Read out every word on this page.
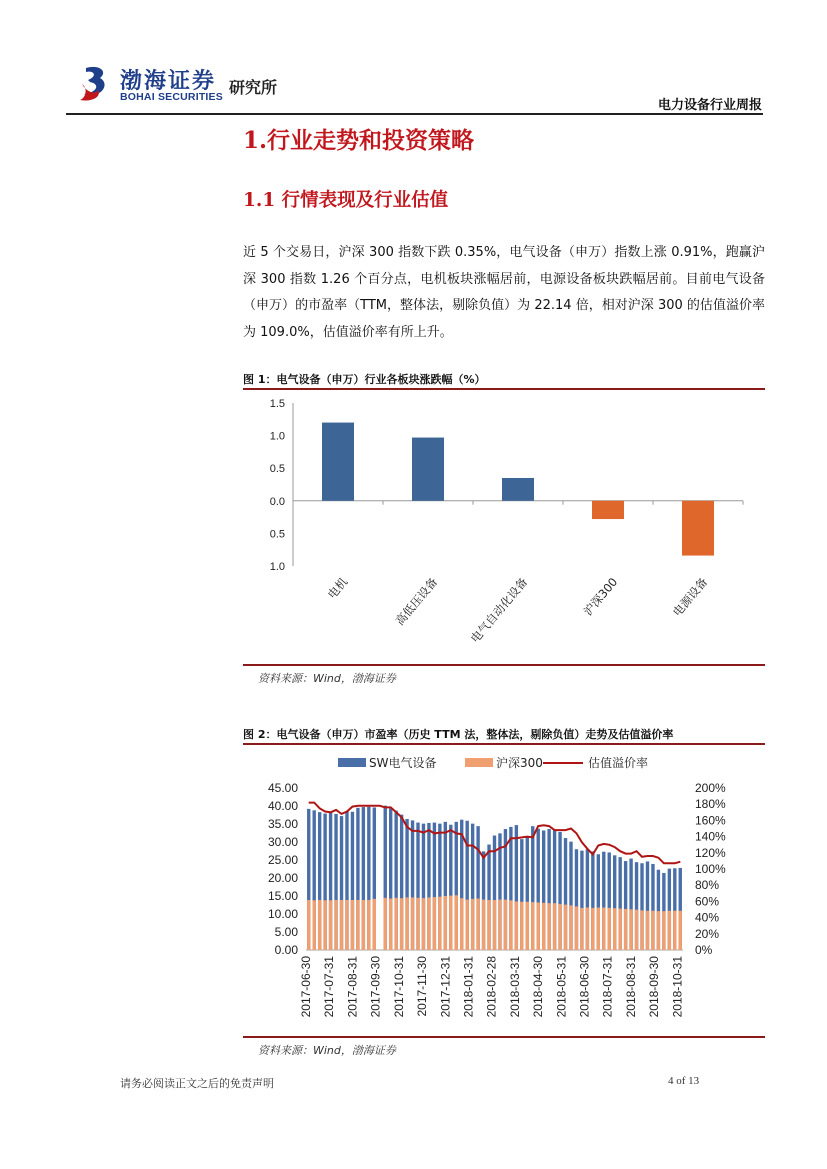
渤海证券
BOHAI SECURITIES 研究所
电力设备行业周报
1.行业走势和投资策略
1.1 行情表现及行业估值
近 5 个交易日，沪深 300 指数下跌 0.35%，电气设备（申万）指数上涨 0.91%，跑赢沪深 300 指数 1.26 个百分点，电机板块涨幅居前，电源设备板块跌幅居前。目前电气设备（申万）的市盈率（TTM，整体法，剔除负值）为 22.14 倍，相对沪深 300 的估值溢价率为 109.0%，估值溢价率有所上升。
图 1：电气设备（申万）行业各板块涨跌幅（%）
1.5
1.0
0.5
0.0
0.5
1.0
电机	高低压设备 电气自动化设备	沪深300	电源设备
资料来源：Wind，渤海证券
图 2：电气设备（申万）市盈率（历史 TTM 法，整体法，剔除负值）走势及估值溢价率
SW电气设备	沪深300	估值溢价率
45.00
40.00
35.00
30.00
25.00
20.00
15.00
10.00
5.00
0.00
200%
180%
160%
140%
120%
100%
80%
60%
40%
20%
0%
2017-06-30 2017-07-31 2017-08-31 2017-09-30 2017-10-31 2017-11-30 2017-12-31 2018-01-31 2018-02-28 2018-03-31 2018-04-30 2018-05-31 2018-06-30 2018-07-31 2018-08-31 2018-09-30 2018-10-31
资料来源：Wind，渤海证券
请务必阅读正文之后的免责声明	4 of 13
